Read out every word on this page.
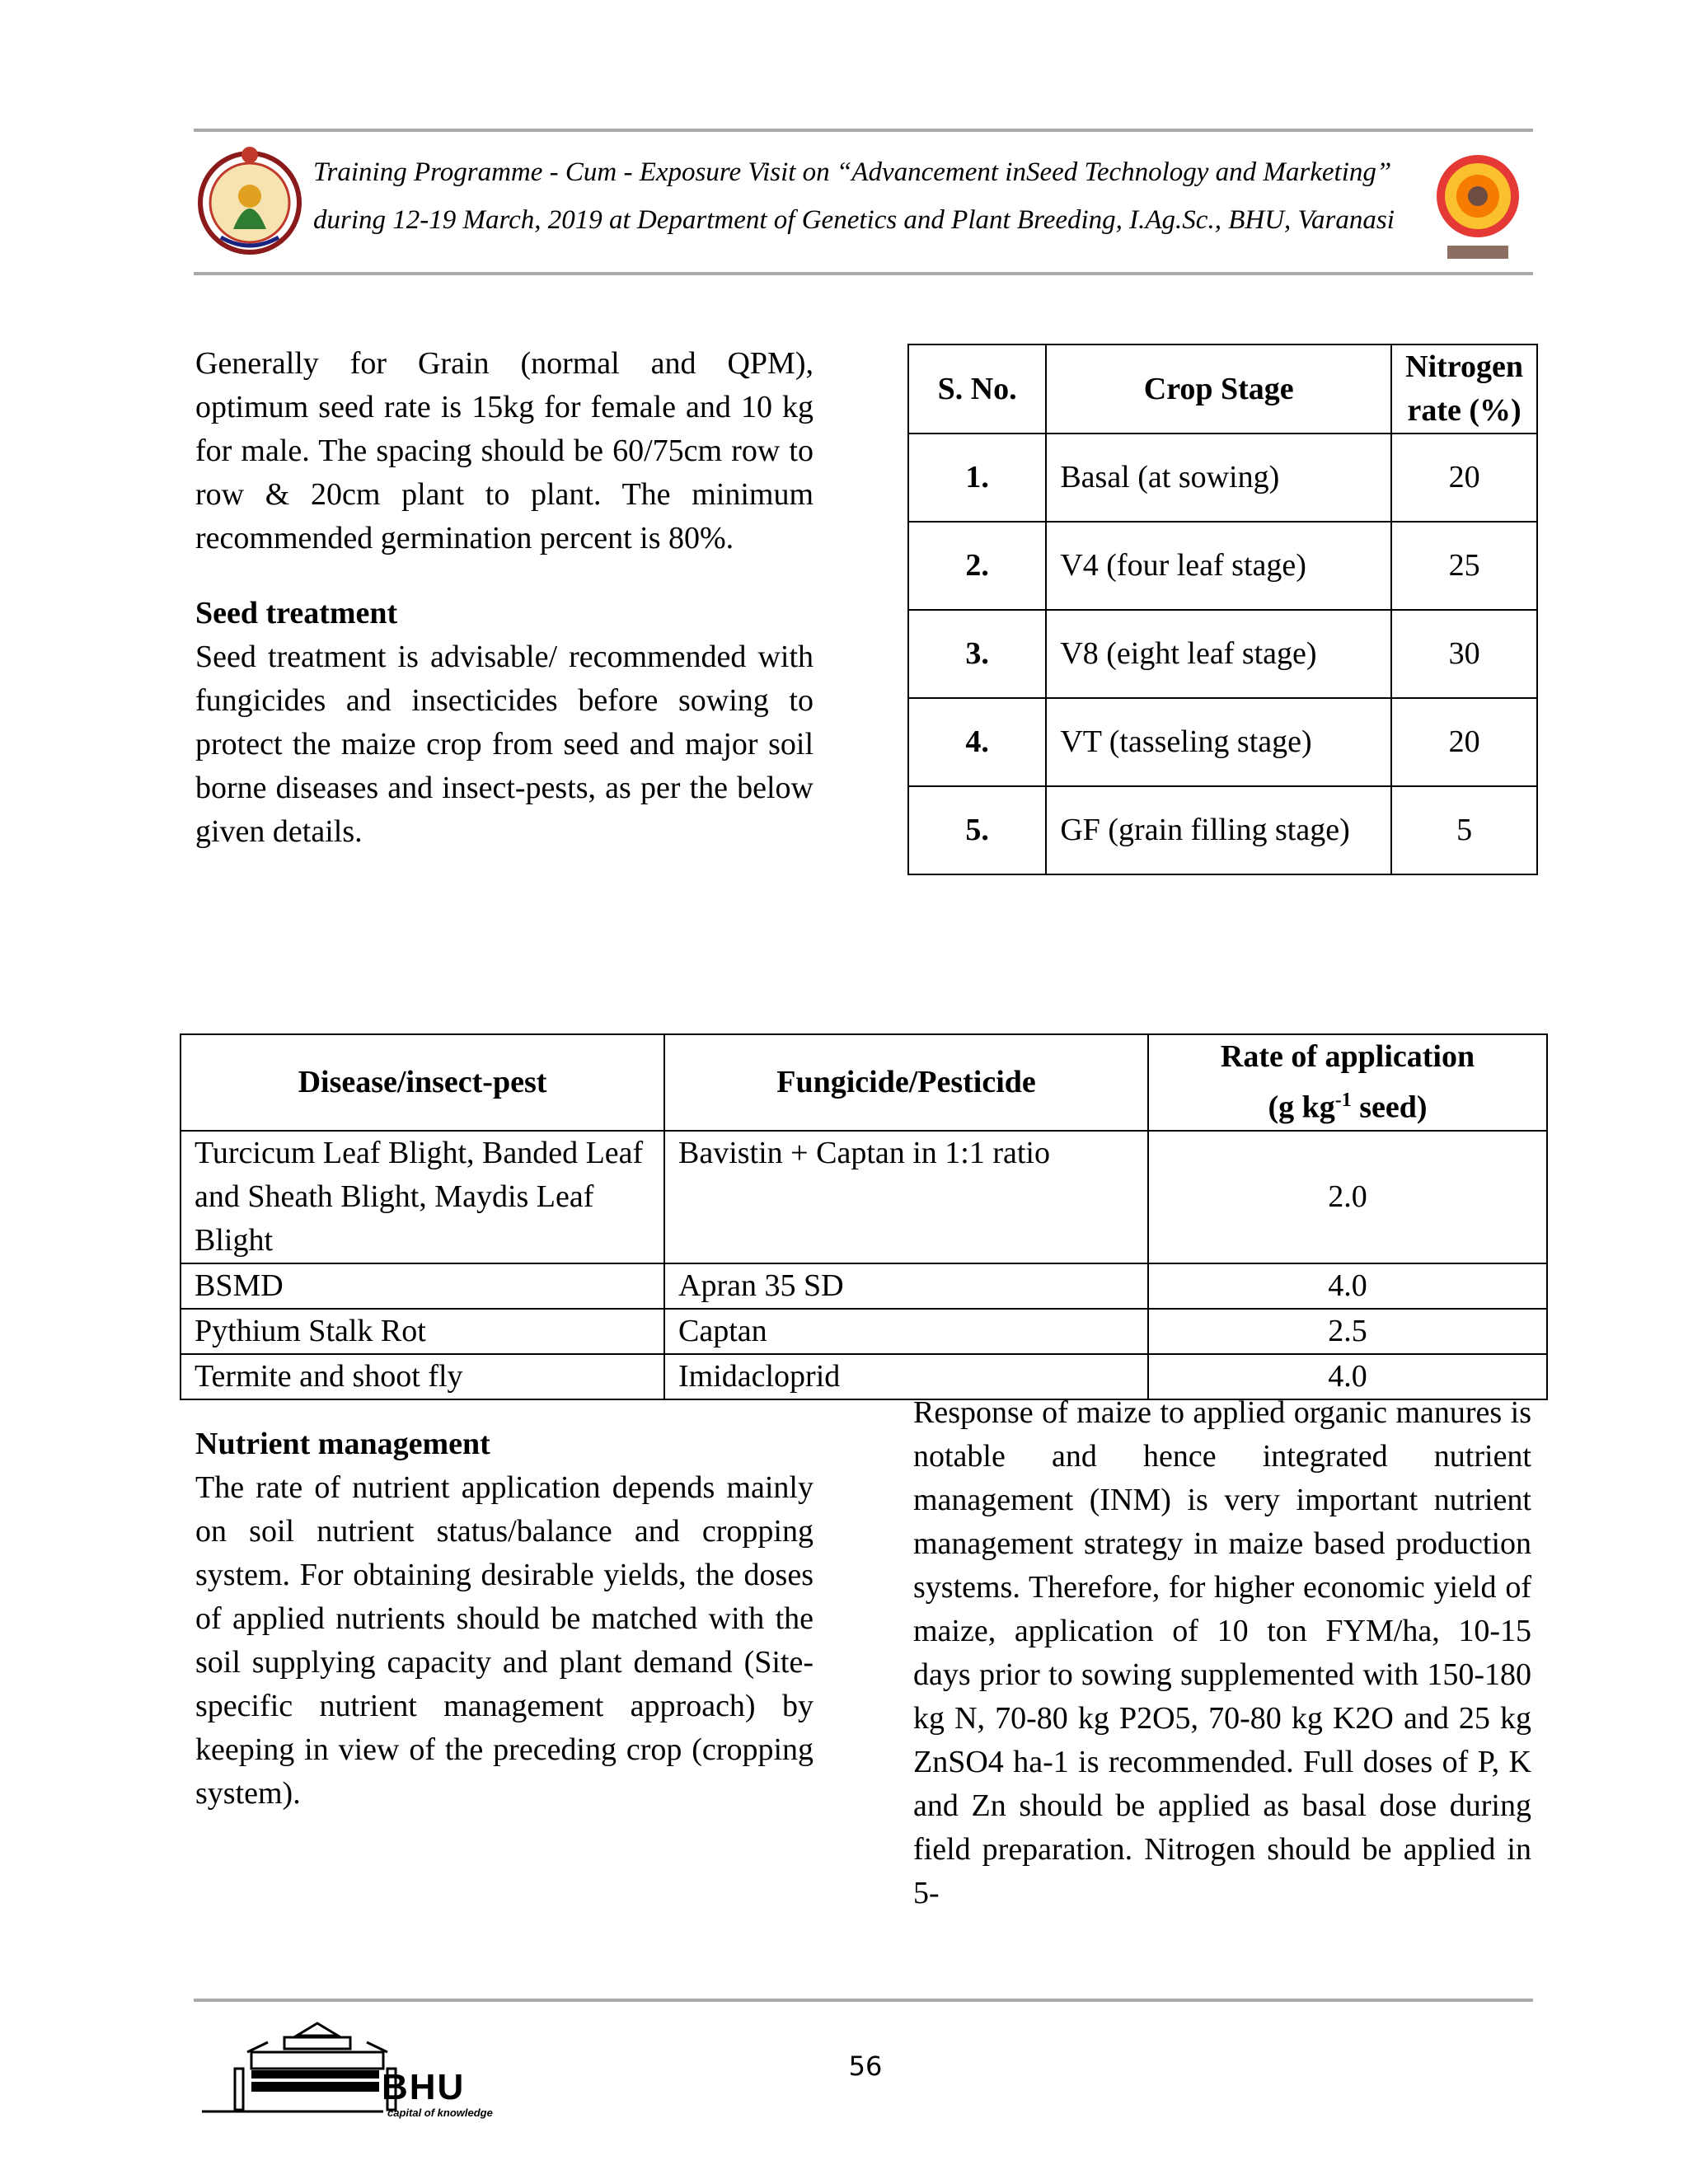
Training Programme - Cum - Exposure Visit on “Advancement inSeed Technology and Marketing”
during 12-19 March, 2019 at Department of Genetics and Plant Breeding, I.Ag.Sc., BHU, Varanasi

Generally for Grain (normal and QPM), optimum seed rate is 15kg for female and 10 kg for male. The spacing should be 60/75cm row to row & 20cm plant to plant. The minimum recommended germination percent is 80%.

Seed treatment

Seed treatment is advisable/ recommended with fungicides and insecticides before sowing to protect the maize crop from seed and major soil borne diseases and insect-pests, as per the below given details.

S. No.	Crop Stage	Nitrogen rate (%)
1.	Basal (at sowing)	20
2.	V4 (four leaf stage)	25
3.	V8 (eight leaf stage)	30
4.	VT (tasseling stage)	20
5.	GF (grain filling stage)	5
Disease/insect-pest	Fungicide/Pesticide	Rate of application
(g $kg^{-1}$ seed)
Turcicum Leaf Blight, Banded Leaf and Sheath Blight, Maydis Leaf Blight	Bavistin + Captan in 1:1 ratio	2.0
BSMD	Apran 35 SD	4.0
Pythium Stalk Rot	Captan	2.5
Termite and shoot fly	Imidacloprid	4.0

Nutrient management

The rate of nutrient application depends mainly on soil nutrient status/balance and cropping system. For obtaining desirable yields, the doses of applied nutrients should be matched with the soil supplying capacity and plant demand (Site-specific nutrient management approach) by keeping in view of the preceding crop (cropping system).

Response of maize to applied organic manures is notable and hence integrated nutrient management (INM) is very important nutrient management strategy in maize based production systems. Therefore, for higher economic yield of maize, application of 10 ton FYM/ha, 10-15 days prior to sowing supplemented with 150-180 kg N, 70-80 kg P2O5, 70-80 kg K2O and 25 kg ZnSO4 ha-1 is recommended. Full doses of P, K and Zn should be applied as basal dose during field preparation. Nitrogen should be applied in 5-

BHU
capital of knowledge
56
